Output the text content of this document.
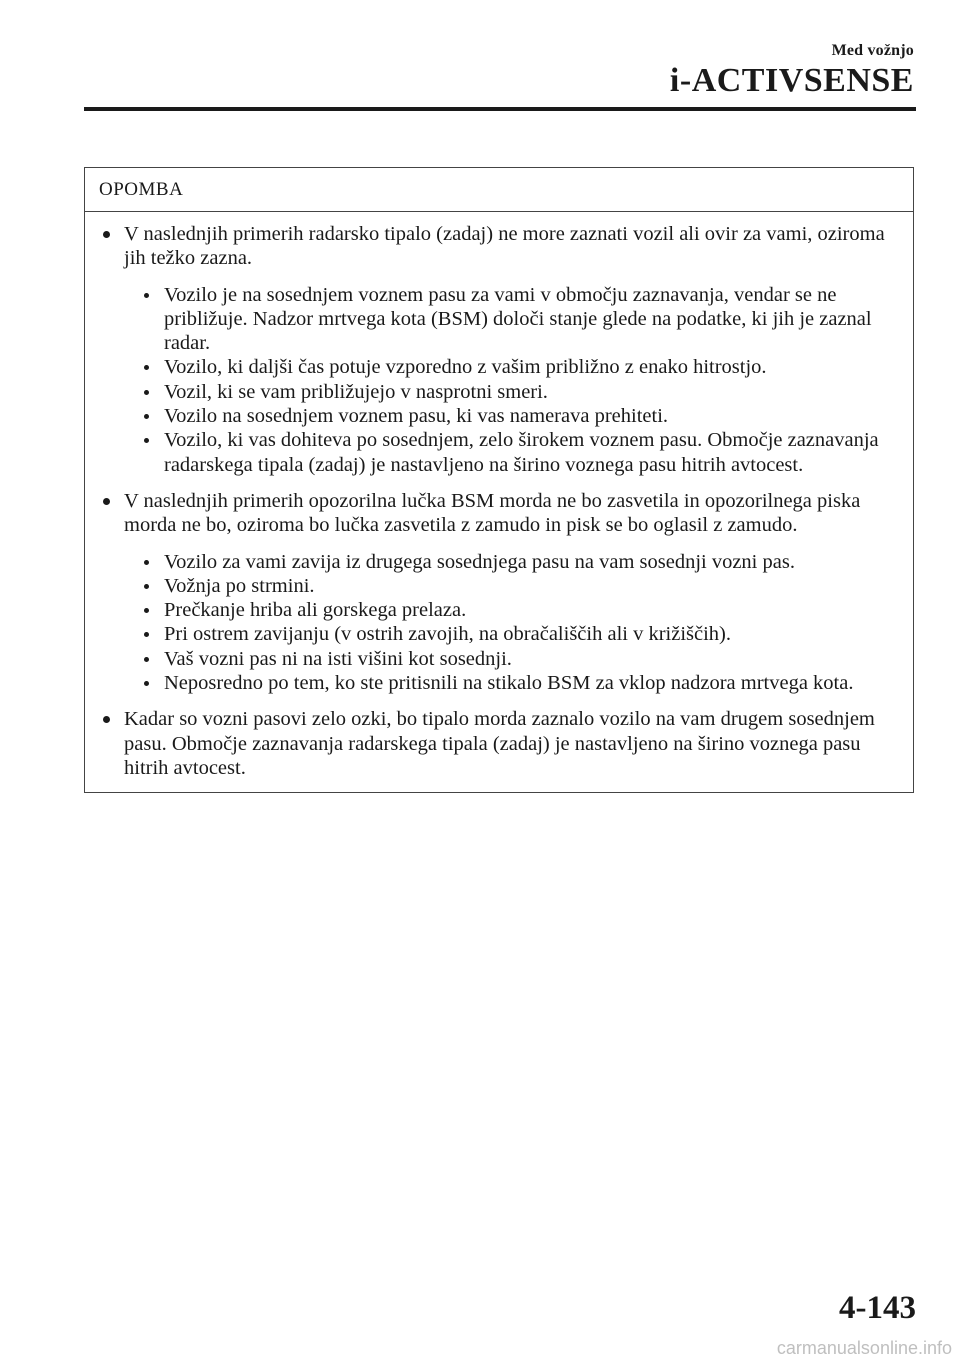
Med vožnjo
i-ACTIVSENSE
OPOMBA
V naslednjih primerih radarsko tipalo (zadaj) ne more zaznati vozil ali ovir za vami, oziroma jih težko zazna.
Vozilo je na sosednjem voznem pasu za vami v območju zaznavanja, vendar se ne približuje. Nadzor mrtvega kota (BSM) določi stanje glede na podatke, ki jih je zaznal radar.
Vozilo, ki daljši čas potuje vzporedno z vašim približno z enako hitrostjo.
Vozil, ki se vam približujejo v nasprotni smeri.
Vozilo na sosednjem voznem pasu, ki vas namerava prehiteti.
Vozilo, ki vas dohiteva po sosednjem, zelo širokem voznem pasu. Območje zaznavanja radarskega tipala (zadaj) je nastavljeno na širino voznega pasu hitrih avtocest.
V naslednjih primerih opozorilna lučka BSM morda ne bo zasvetila in opozorilnega piska morda ne bo, oziroma bo lučka zasvetila z zamudo in pisk se bo oglasil z zamudo.
Vozilo za vami zavija iz drugega sosednjega pasu na vam sosednji vozni pas.
Vožnja po strmini.
Prečkanje hriba ali gorskega prelaza.
Pri ostrem zavijanju (v ostrih zavojih, na obračališčih ali v križiščih).
Vaš vozni pas ni na isti višini kot sosednji.
Neposredno po tem, ko ste pritisnili na stikalo BSM za vklop nadzora mrtvega kota.
Kadar so vozni pasovi zelo ozki, bo tipalo morda zaznalo vozilo na vam drugem sosednjem pasu. Območje zaznavanja radarskega tipala (zadaj) je nastavljeno na širino voznega pasu hitrih avtocest.
4-143
carmanualsonline.info
